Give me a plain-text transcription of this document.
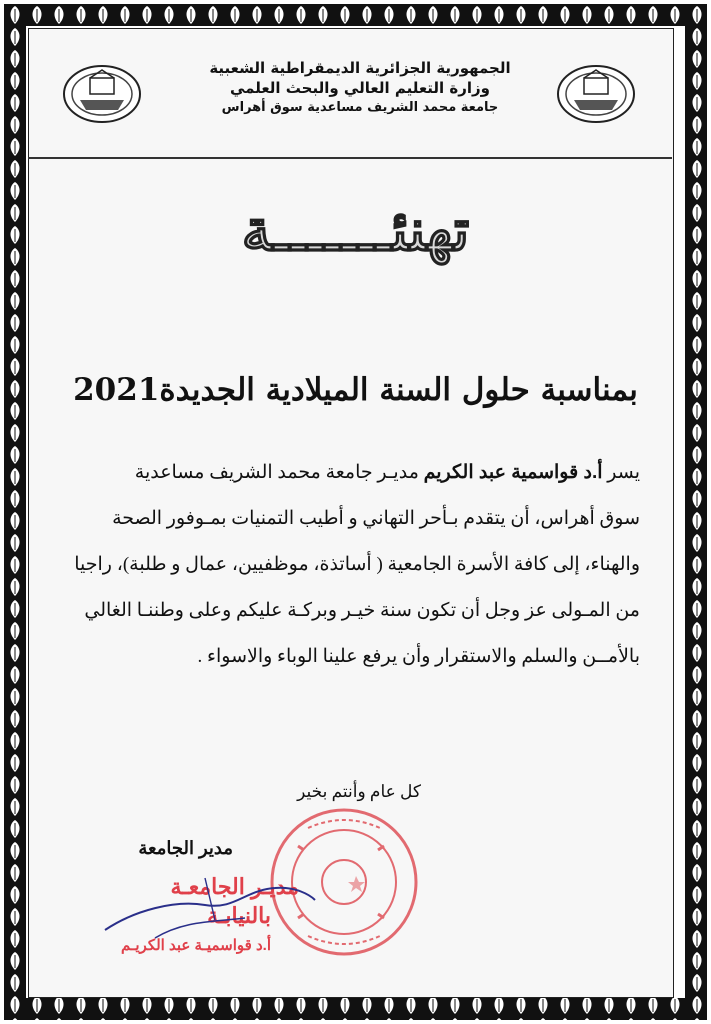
الجمهورية الجزائرية الديمقراطية الشعبية
وزارة التعليم العالي والبحث العلمي
جامعة محمد الشريف مساعدية سوق أهراس
تهنئـــــــة
بمناسبة حلول السنة الميلادية الجديدة2021
يسر أ.د قواسمية عبد الكريم مديـر جامعة محمد الشريف مساعدية
سوق أهراس، أن يتقدم بـأحر التهاني و أطيب التمنيات بمـوفور الصحة
والهناء، إلى كافة الأسرة الجامعية ( أساتذة، موظفيين، عمال و طلبة)، راجيا
من المـولى عز وجل أن تكون سنة خيـر وبركـة عليكم وعلى وطننـا الغالي
بالأمــن والسلم والاستقرار وأن يرفع علينا الوباء والاسواء .
كل عام وأنتم بخير
مدير الجامعة
مديـر الجامعـة
بالنيابـة
أ.د قواسميـة عبد الكريـم
